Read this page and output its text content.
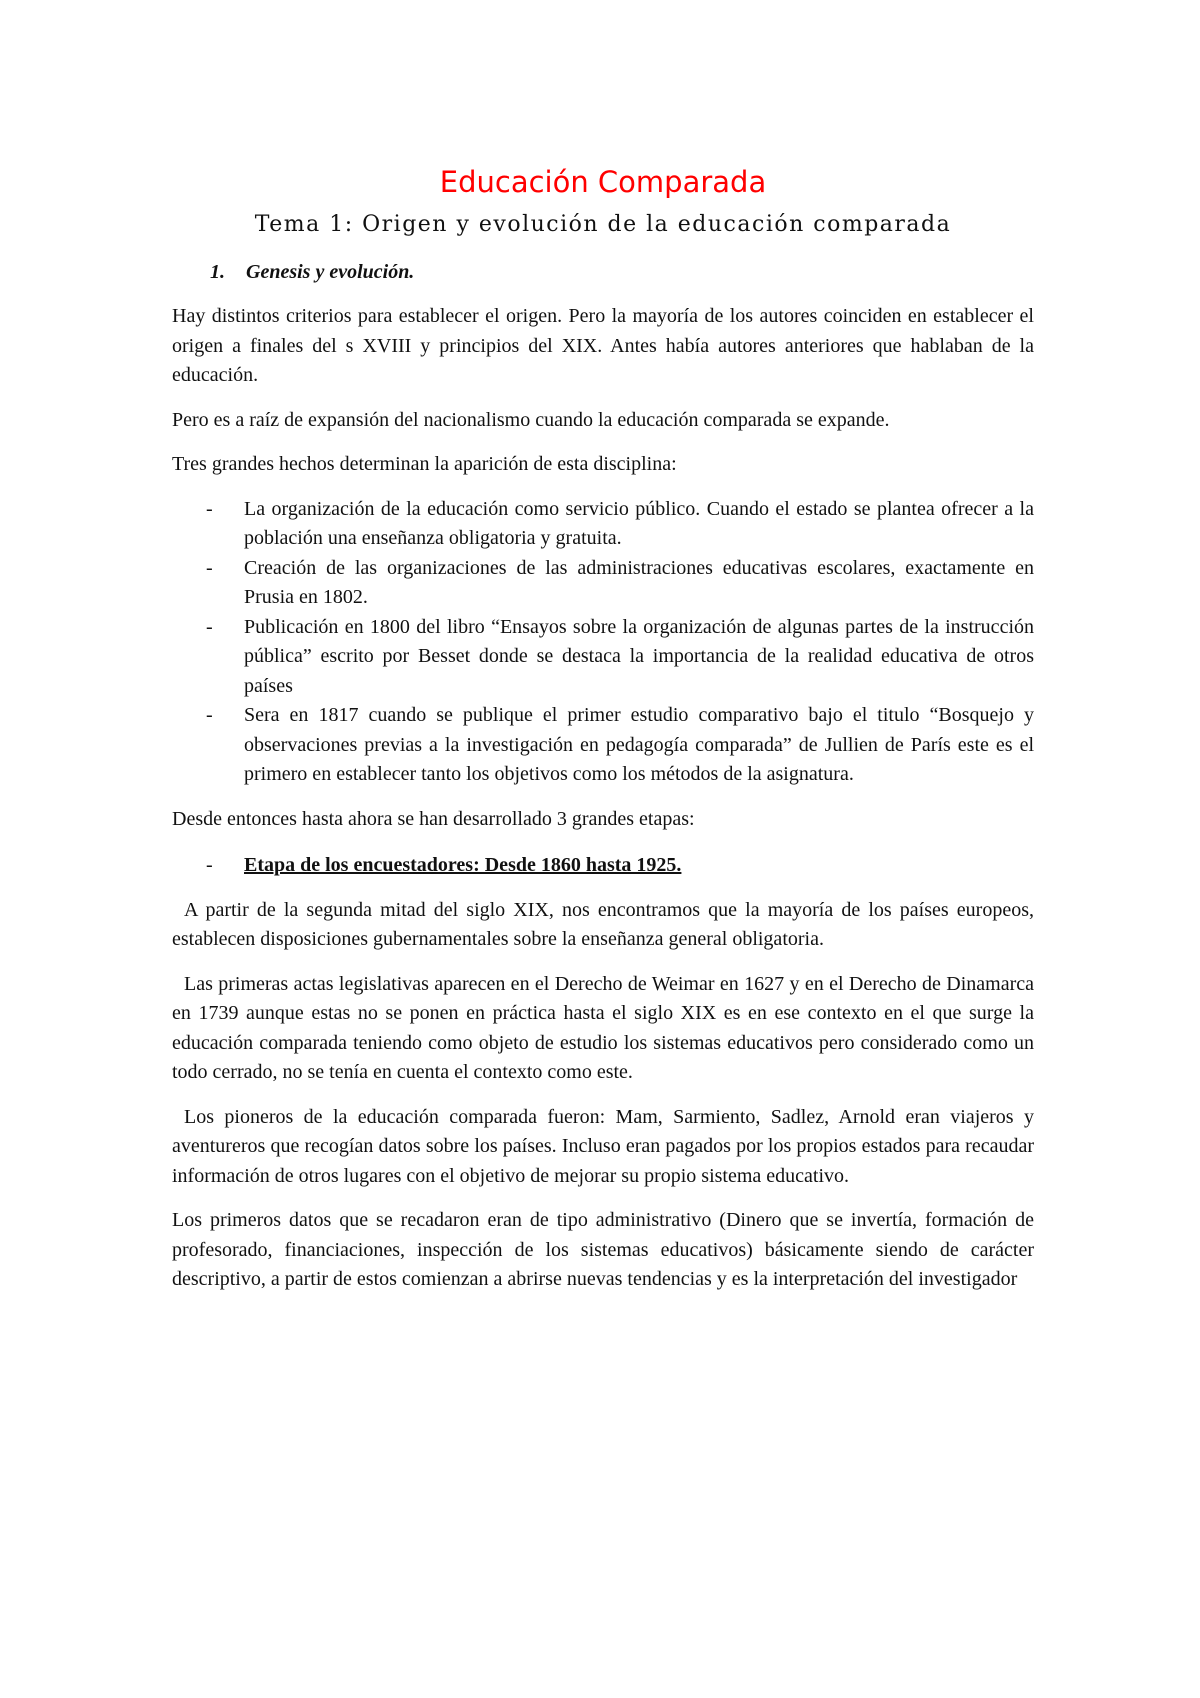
Educación Comparada
Tema 1: Origen y evolución de la educación comparada
1.	Genesis y evolución.

Hay distintos criterios para establecer el origen. Pero la mayoría de los autores coinciden en establecer el origen a finales del s XVIII y principios del XIX. Antes había autores anteriores que hablaban de la educación.

Pero es a raíz de expansión del nacionalismo cuando la educación comparada se expande.

Tres grandes hechos determinan la aparición de esta disciplina:

- La organización de la educación como servicio público. Cuando el estado se plantea ofrecer a la población una enseñanza obligatoria y gratuita.
- Creación de las organizaciones de las administraciones educativas escolares, exactamente en Prusia en 1802.
- Publicación en 1800 del libro “Ensayos sobre la organización de algunas partes de la instrucción pública” escrito por Besset donde se destaca la importancia de la realidad educativa de otros países
- Sera en 1817 cuando se publique el primer estudio comparativo bajo el titulo “Bosquejo y observaciones previas a la investigación en pedagogía comparada” de Jullien de París este es el primero en establecer tanto los objetivos como los métodos de la asignatura.

Desde entonces hasta ahora se han desarrollado 3 grandes etapas:

- Etapa de los encuestadores: Desde 1860 hasta 1925.

A partir de la segunda mitad del siglo XIX, nos encontramos que la mayoría de los países europeos, establecen disposiciones gubernamentales sobre la enseñanza general obligatoria.

Las primeras actas legislativas aparecen en el Derecho de Weimar en 1627 y en el Derecho de Dinamarca en 1739 aunque estas no se ponen en práctica hasta el siglo XIX es en ese contexto en el que surge la educación comparada teniendo como objeto de estudio los sistemas educativos pero considerado como un todo cerrado, no se tenía en cuenta el contexto como este.

Los pioneros de la educación comparada fueron: Mam, Sarmiento, Sadlez, Arnold eran viajeros y aventureros que recogían datos sobre los países. Incluso eran pagados por los propios estados para recaudar información de otros lugares con el objetivo de mejorar su propio sistema educativo.

Los primeros datos que se recadaron eran de tipo administrativo (Dinero que se invertía, formación de profesorado, financiaciones, inspección de los sistemas educativos) básicamente siendo de carácter descriptivo, a partir de estos comienzan a abrirse nuevas tendencias y es la interpretación del investigador
